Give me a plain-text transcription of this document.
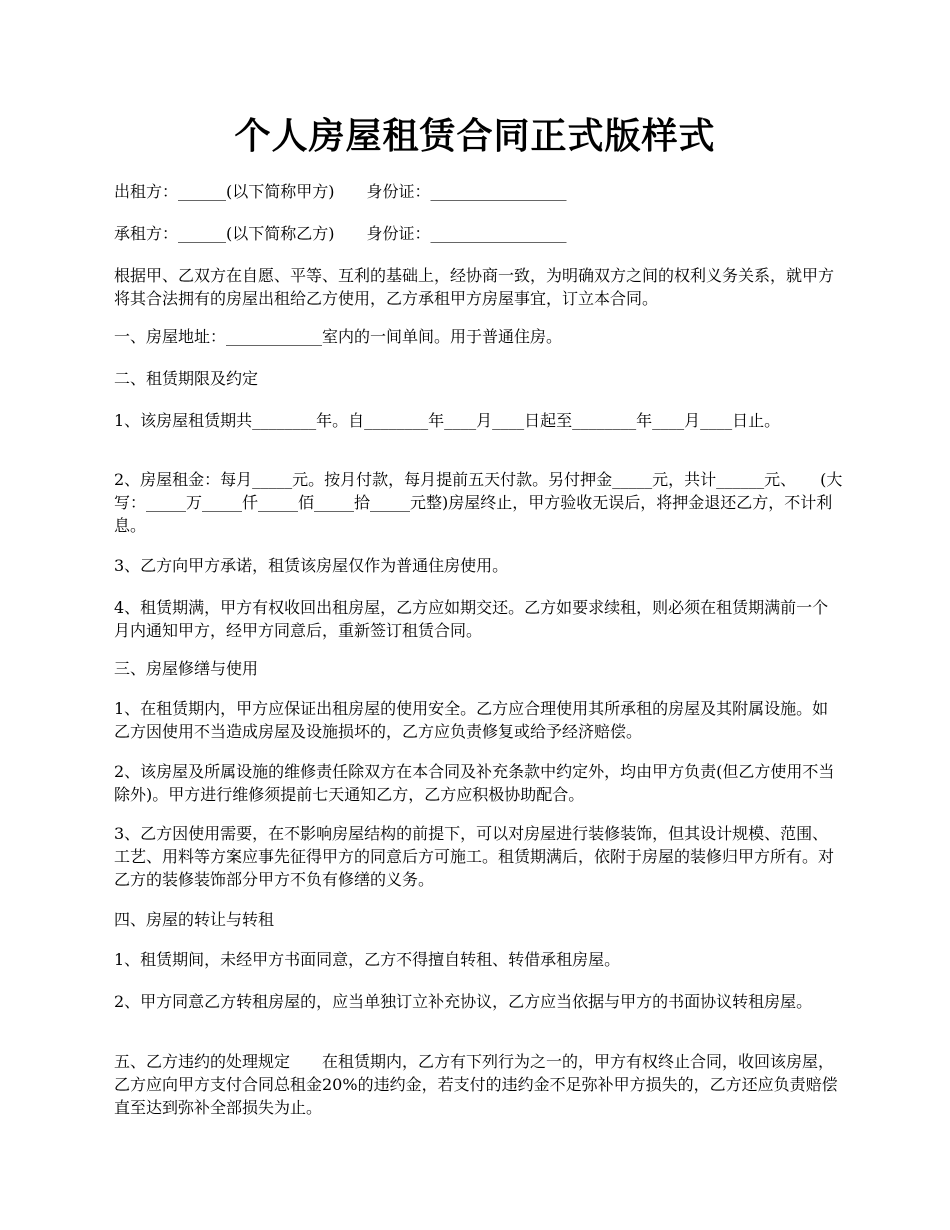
个人房屋租赁合同正式版样式

出租方：______(以下简称甲方)　　身份证：_________________

承租方：______(以下简称乙方)　　身份证：_________________

根据甲、乙双方在自愿、平等、互利的基础上，经协商一致，为明确双方之间的权利义务关系，就甲方将其合法拥有的房屋出租给乙方使用，乙方承租甲方房屋事宜，订立本合同。

一、房屋地址：____________室内的一间单间。用于普通住房。

二、租赁期限及约定

1、该房屋租赁期共________年。自________年____月____日起至________年____月____日止。

2、房屋租金：每月_____元。按月付款，每月提前五天付款。另付押金_____元，共计______元、　　(大写：_____万_____仟_____佰_____拾_____元整)房屋终止，甲方验收无误后，将押金退还乙方，不计利息。

3、乙方向甲方承诺，租赁该房屋仅作为普通住房使用。

4、租赁期满，甲方有权收回出租房屋，乙方应如期交还。乙方如要求续租，则必须在租赁期满前一个月内通知甲方，经甲方同意后，重新签订租赁合同。

三、房屋修缮与使用

1、在租赁期内，甲方应保证出租房屋的使用安全。乙方应合理使用其所承租的房屋及其附属设施。如乙方因使用不当造成房屋及设施损坏的，乙方应负责修复或给予经济赔偿。

2、该房屋及所属设施的维修责任除双方在本合同及补充条款中约定外，均由甲方负责(但乙方使用不当除外)。甲方进行维修须提前七天通知乙方，乙方应积极协助配合。

3、乙方因使用需要，在不影响房屋结构的前提下，可以对房屋进行装修装饰，但其设计规模、范围、工艺、用料等方案应事先征得甲方的同意后方可施工。租赁期满后，依附于房屋的装修归甲方所有。对乙方的装修装饰部分甲方不负有修缮的义务。

四、房屋的转让与转租

1、租赁期间，未经甲方书面同意，乙方不得擅自转租、转借承租房屋。

2、甲方同意乙方转租房屋的，应当单独订立补充协议，乙方应当依据与甲方的书面协议转租房屋。

五、乙方违约的处理规定　　在租赁期内，乙方有下列行为之一的，甲方有权终止合同，收回该房屋，乙方应向甲方支付合同总租金20%的违约金，若支付的违约金不足弥补甲方损失的，乙方还应负责赔偿直至达到弥补全部损失为止。
